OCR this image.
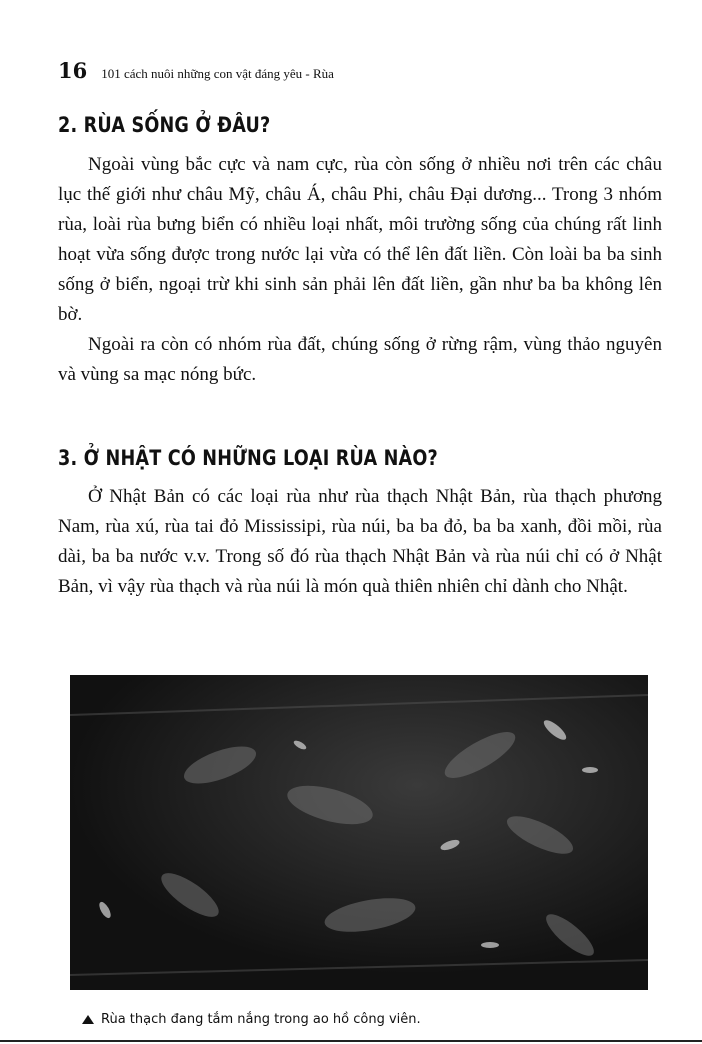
16 101 cách nuôi những con vật đáng yêu - Rùa
2. RÙA SỐNG Ở ĐÂU?

Ngoài vùng bắc cực và nam cực, rùa còn sống ở nhiều nơi trên các châu lục thế giới như châu Mỹ, châu Á, châu Phi, châu Đại dương... Trong 3 nhóm rùa, loài rùa bưng biển có nhiều loại nhất, môi trường sống của chúng rất linh hoạt vừa sống được trong nước lại vừa có thể lên đất liền. Còn loài ba ba sinh sống ở biển, ngoại trừ khi sinh sản phải lên đất liền, gần như ba ba không lên bờ.

Ngoài ra còn có nhóm rùa đất, chúng sống ở rừng rậm, vùng thảo nguyên và vùng sa mạc nóng bức.

3. Ở NHẬT CÓ NHỮNG LOẠI RÙA NÀO?

Ở Nhật Bản có các loại rùa như rùa thạch Nhật Bản, rùa thạch phương Nam, rùa xú, rùa tai đỏ Mississipi, rùa núi, ba ba đỏ, ba ba xanh, đồi mồi, rùa dài, ba ba nước v.v. Trong số đó rùa thạch Nhật Bản và rùa núi chỉ có ở Nhật Bản, vì vậy rùa thạch và rùa núi là món quà thiên nhiên chỉ dành cho Nhật.

Rùa thạch đang tắm nắng trong ao hồ công viên.
